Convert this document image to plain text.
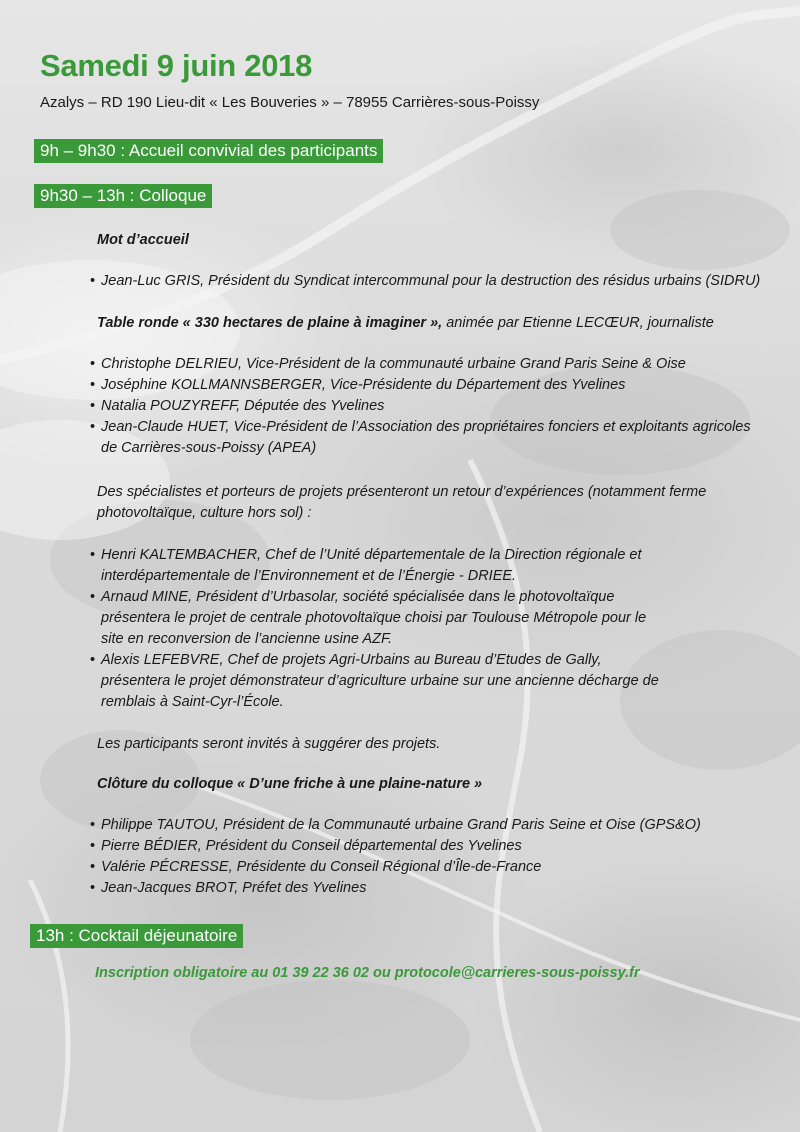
Samedi 9 juin 2018
Azalys – RD 190 Lieu-dit « Les Bouveries » – 78955 Carrières-sous-Poissy
9h – 9h30 : Accueil convivial des participants
9h30 – 13h : Colloque
Mot d’accueil
• Jean-Luc GRIS, Président du Syndicat intercommunal pour la destruction des résidus urbains (SIDRU)
Table ronde « 330 hectares de plaine à imaginer », animée par Etienne LECŒUR, journaliste
• Christophe DELRIEU, Vice-Président de la communauté urbaine Grand Paris Seine & Oise
• Joséphine KOLLMANNSBERGER, Vice-Présidente du Département des Yvelines
• Natalia POUZYREFF, Députée des Yvelines
• Jean-Claude HUET, Vice-Président de l’Association des propriétaires fonciers et exploitants agricoles de Carrières-sous-Poissy (APEA)
Des spécialistes et porteurs de projets présenteront un retour d’expériences (notamment ferme photovoltaïque, culture hors sol) :
• Henri KALTEMBACHER, Chef de l’Unité départementale de la Direction régionale et interdépartementale de l’Environnement et de l’Énergie - DRIEE.
• Arnaud MINE, Président d’Urbasolar, société spécialisée dans le photovoltaïque présentera le projet de centrale photovoltaïque choisi par Toulouse Métropole pour le site en reconversion de l’ancienne usine AZF.
• Alexis LEFEBVRE, Chef de projets Agri-Urbains au Bureau d’Etudes de Gally, présentera le projet démonstrateur d’agriculture urbaine sur une ancienne décharge de remblais à Saint-Cyr-l’École.
Les participants seront invités à suggérer des projets.
Clôture du colloque « D’une friche à une plaine-nature »
• Philippe TAUTOU, Président de la Communauté urbaine Grand Paris Seine et Oise (GPS&O)
• Pierre BÉDIER, Président du Conseil départemental des Yvelines
• Valérie PÉCRESSE, Présidente du Conseil Régional d’Île-de-France
• Jean-Jacques BROT, Préfet des Yvelines
13h : Cocktail déjeunatoire
Inscription obligatoire au 01 39 22 36 02 ou protocole@carrieres-sous-poissy.fr
